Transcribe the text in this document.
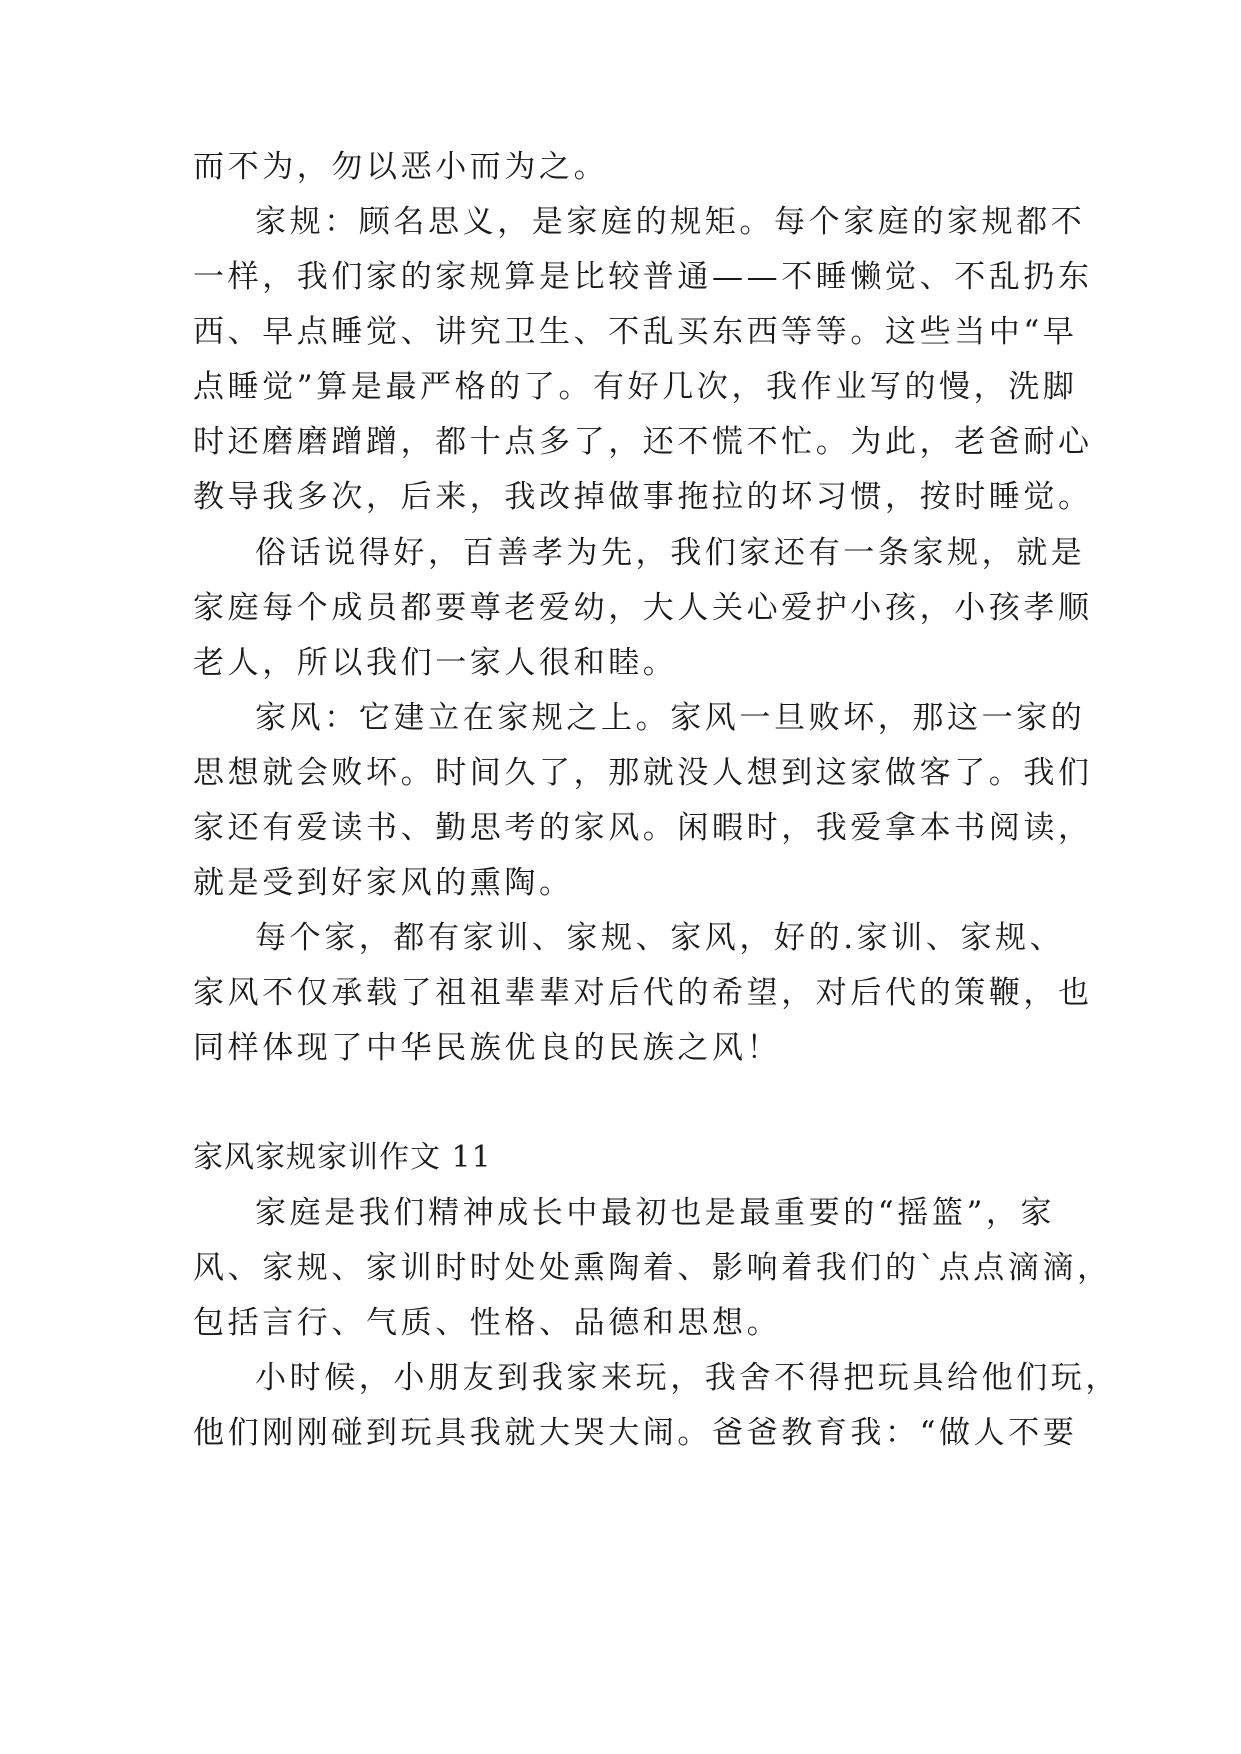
而不为，勿以恶小而为之。
家规：顾名思义，是家庭的规矩。每个家庭的家规都不
一样，我们家的家规算是比较普通——不睡懒觉、不乱扔东
西、早点睡觉、讲究卫生、不乱买东西等等。这些当中“早
点睡觉”算是最严格的了。有好几次，我作业写的慢，洗脚
时还磨磨蹭蹭，都十点多了，还不慌不忙。为此，老爸耐心
教导我多次，后来，我改掉做事拖拉的坏习惯，按时睡觉。
俗话说得好，百善孝为先，我们家还有一条家规，就是
家庭每个成员都要尊老爱幼，大人关心爱护小孩，小孩孝顺
老人，所以我们一家人很和睦。
家风：它建立在家规之上。家风一旦败坏，那这一家的
思想就会败坏。时间久了，那就没人想到这家做客了。我们
家还有爱读书、勤思考的家风。闲暇时，我爱拿本书阅读，
就是受到好家风的熏陶。
每个家，都有家训、家规、家风，好的.家训、家规、
家风不仅承载了祖祖辈辈对后代的希望，对后代的策鞭，也
同样体现了中华民族优良的民族之风！
家风家规家训作文 11
家庭是我们精神成长中最初也是最重要的“摇篮”，家
风、家规、家训时时处处熏陶着、影响着我们的`点点滴滴，
包括言行、气质、性格、品德和思想。
小时候，小朋友到我家来玩，我舍不得把玩具给他们玩，
他们刚刚碰到玩具我就大哭大闹。爸爸教育我：“做人不要
